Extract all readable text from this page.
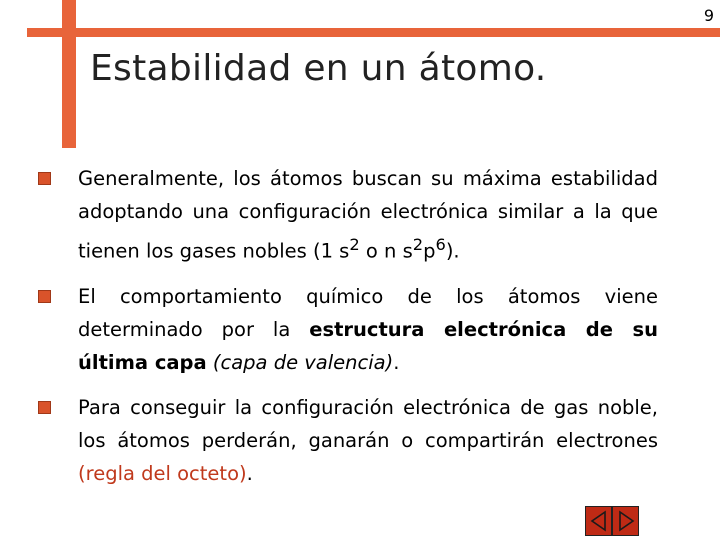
9
Estabilidad en un átomo.

Generalmente, los átomos buscan su máxima estabilidad adoptando una configuración electrónica similar a la que tienen los gases nobles (1 $s^2$ o n $s^2p^6$).

El comportamiento químico de los átomos viene determinado por la estructura electrónica de su última capa (capa de valencia).

Para conseguir la configuración electrónica de gas noble, los átomos perderán, ganarán o compartirán electrones (regla del octeto).
